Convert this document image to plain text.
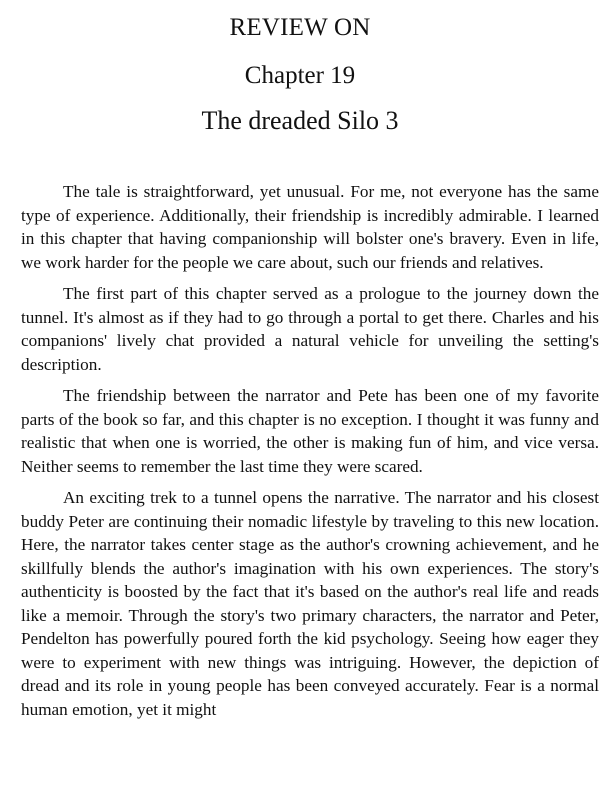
REVIEW ON
Chapter 19
The dreaded Silo 3

The tale is straightforward, yet unusual. For me, not everyone has the same type of experience. Additionally, their friendship is incredibly admirable. I learned in this chapter that having companionship will bolster one's bravery. Even in life, we work harder for the people we care about, such our friends and relatives.

The first part of this chapter served as a prologue to the journey down the tunnel. It's almost as if they had to go through a portal to get there. Charles and his companions' lively chat provided a natural vehicle for unveiling the setting's description.

The friendship between the narrator and Pete has been one of my favorite parts of the book so far, and this chapter is no exception. I thought it was funny and realistic that when one is worried, the other is making fun of him, and vice versa. Neither seems to remember the last time they were scared.

An exciting trek to a tunnel opens the narrative. The narrator and his closest buddy Peter are continuing their nomadic lifestyle by traveling to this new location. Here, the narrator takes center stage as the author's crowning achievement, and he skillfully blends the author's imagination with his own experiences. The story's authenticity is boosted by the fact that it's based on the author's real life and reads like a memoir. Through the story's two primary characters, the narrator and Peter, Pendelton has powerfully poured forth the kid psychology. Seeing how eager they were to experiment with new things was intriguing. However, the depiction of dread and its role in young people has been conveyed accurately. Fear is a normal human emotion, yet it might
